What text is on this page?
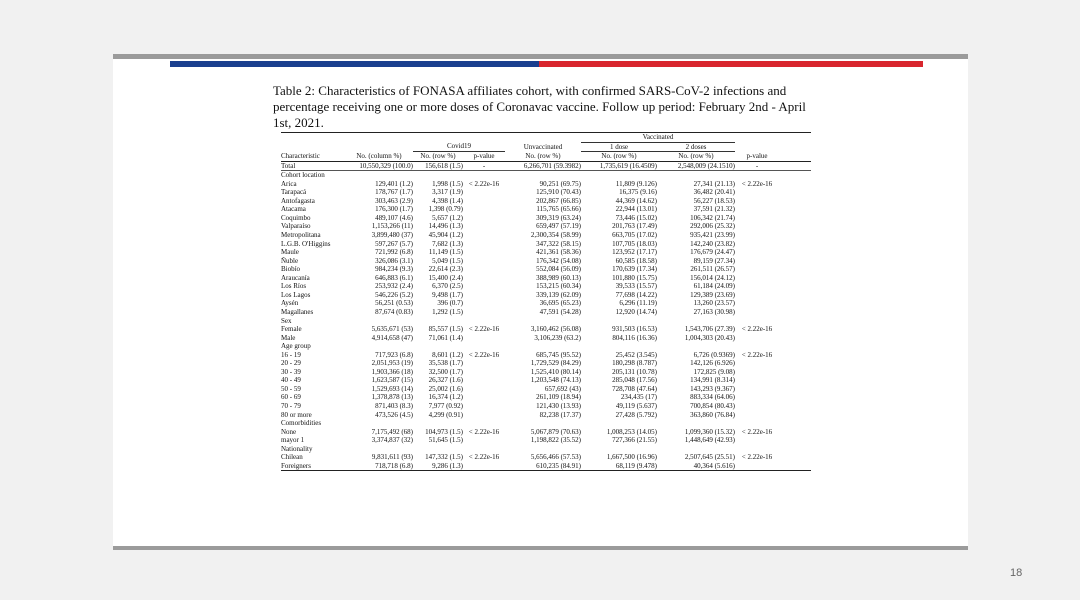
Table 2: Characteristics of FONASA affiliates cohort, with confirmed SARS-CoV-2 infections and percentage receiving one or more doses of Coronavac vaccine. Follow up period: February 2nd - April 1st, 2021.
					Vaccinated			
		Covid19		Unvaccinated	1 dose	2 doses		
Characteristic	No. (column %)	No. (row %)	p-value	No. (row %)	No. (row %)	No. (row %)	p-value	
Total	10,550,329 (100.0)	156,618 (1.5)	-	6,266,701 (59.3982)	1,735,619 (16.4509)	2,548,009 (24.1510)	-	
Cohort location								
Arica	129,401 (1.2)	1,998 (1.5)	< 2.22e-16	90,251 (69.75)	11,809 (9.126)	27,341 (21.13)	< 2.22e-16	
Tarapacá	178,767 (1.7)	3,317 (1.9)		125,910 (70.43)	16,375 (9.16)	36,482 (20.41)		
Antofagasta	303,463 (2.9)	4,398 (1.4)		202,867 (66.85)	44,369 (14.62)	56,227 (18.53)		
Atacama	176,300 (1.7)	1,398 (0.79)		115,765 (65.66)	22,944 (13.01)	37,591 (21.32)		
Coquimbo	489,107 (4.6)	5,657 (1.2)		309,319 (63.24)	73,446 (15.02)	106,342 (21.74)		
Valparaíso	1,153,266 (11)	14,496 (1.3)		659,497 (57.19)	201,763 (17.49)	292,006 (25.32)		
Metropolitana	3,899,480 (37)	45,904 (1.2)		2,300,354 (58.99)	663,705 (17.02)	935,421 (23.99)		
L.G.B. O'Higgins	597,267 (5.7)	7,682 (1.3)		347,322 (58.15)	107,705 (18.03)	142,240 (23.82)		
Maule	721,992 (6.8)	11,149 (1.5)		421,361 (58.36)	123,952 (17.17)	176,679 (24.47)		
Ñuble	326,086 (3.1)	5,049 (1.5)		176,342 (54.08)	60,585 (18.58)	89,159 (27.34)		
Biobío	984,234 (9.3)	22,614 (2.3)		552,084 (56.09)	170,639 (17.34)	261,511 (26.57)		
Araucanía	646,883 (6.1)	15,400 (2.4)		388,989 (60.13)	101,880 (15.75)	156,014 (24.12)		
Los Ríos	253,932 (2.4)	6,370 (2.5)		153,215 (60.34)	39,533 (15.57)	61,184 (24.09)		
Los Lagos	546,226 (5.2)	9,498 (1.7)		339,139 (62.09)	77,698 (14.22)	129,389 (23.69)		
Aysén	56,251 (0.53)	396 (0.7)		36,695 (65.23)	6,296 (11.19)	13,260 (23.57)		
Magallanes	87,674 (0.83)	1,292 (1.5)		47,591 (54.28)	12,920 (14.74)	27,163 (30.98)		
Sex								
Female	5,635,671 (53)	85,557 (1.5)	< 2.22e-16	3,160,462 (56.08)	931,503 (16.53)	1,543,706 (27.39)	< 2.22e-16	
Male	4,914,658 (47)	71,061 (1.4)		3,106,239 (63.2)	804,116 (16.36)	1,004,303 (20.43)		
Age group								
16 - 19	717,923 (6.8)	8,601 (1.2)	< 2.22e-16	685,745 (95.52)	25,452 (3.545)	6,726 (0.9369)	< 2.22e-16	
20 - 29	2,051,953 (19)	35,538 (1.7)		1,729,529 (84.29)	180,298 (8.787)	142,126 (6.926)		
30 - 39	1,903,366 (18)	32,500 (1.7)		1,525,410 (80.14)	205,131 (10.78)	172,825 (9.08)		
40 - 49	1,623,587 (15)	26,327 (1.6)		1,203,548 (74.13)	285,048 (17.56)	134,991 (8.314)		
50 - 59	1,529,693 (14)	25,002 (1.6)		657,692 (43)	728,708 (47.64)	143,293 (9.367)		
60 - 69	1,378,878 (13)	16,374 (1.2)		261,109 (18.94)	234,435 (17)	883,334 (64.06)		
70 - 79	871,403 (8.3)	7,977 (0.92)		121,430 (13.93)	49,119 (5.637)	700,854 (80.43)		
80 or more	473,526 (4.5)	4,299 (0.91)		82,238 (17.37)	27,428 (5.792)	363,860 (76.84)		
Comorbidities								
None	7,175,492 (68)	104,973 (1.5)	< 2.22e-16	5,067,879 (70.63)	1,008,253 (14.05)	1,099,360 (15.32)	< 2.22e-16	
mayor 1	3,374,837 (32)	51,645 (1.5)		1,198,822 (35.52)	727,366 (21.55)	1,448,649 (42.93)		
Nationality								
Chilean	9,831,611 (93)	147,332 (1.5)	< 2.22e-16	5,656,466 (57.53)	1,667,500 (16.96)	2,507,645 (25.51)	< 2.22e-16	
Foreigners	718,718 (6.8)	9,286 (1.3)		610,235 (84.91)	68,119 (9.478)	40,364 (5.616)		
18
